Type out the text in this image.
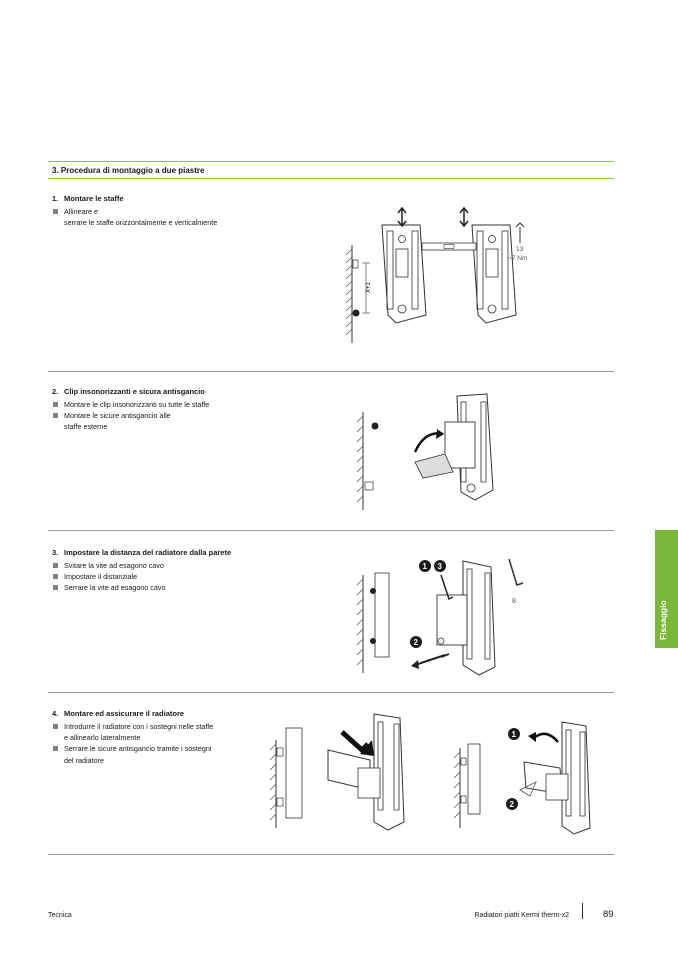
3. Procedura di montaggio a due piastre
1. Montare le staffe
Allineare e
serrare le staffe orizzontalmente e verticalmente
X+1
13
~7 Nm
2. Clip insonorizzanti e sicura antisgancio
Montare le clip insonorizzanti su tutte le staffe
Montare le sicure antisgancio alle
staffe esterne
3. Impostare la distanza del radiatore dalla parete
Svitare la vite ad esagono cavo
Impostare il distanziale
Serrare la vite ad esagono cavo
1 3
2
8
4. Montare ed assicurare il radiatore
Introdurre il radiatore con i sostegni nelle staffe
e allinearlo lateralmente
Serrare le sicure antisgancio tramite i sostegni
del radiatore
1
2
Fissaggio
Tecnica	Radiatori piatti Kermi therm-x2	89
